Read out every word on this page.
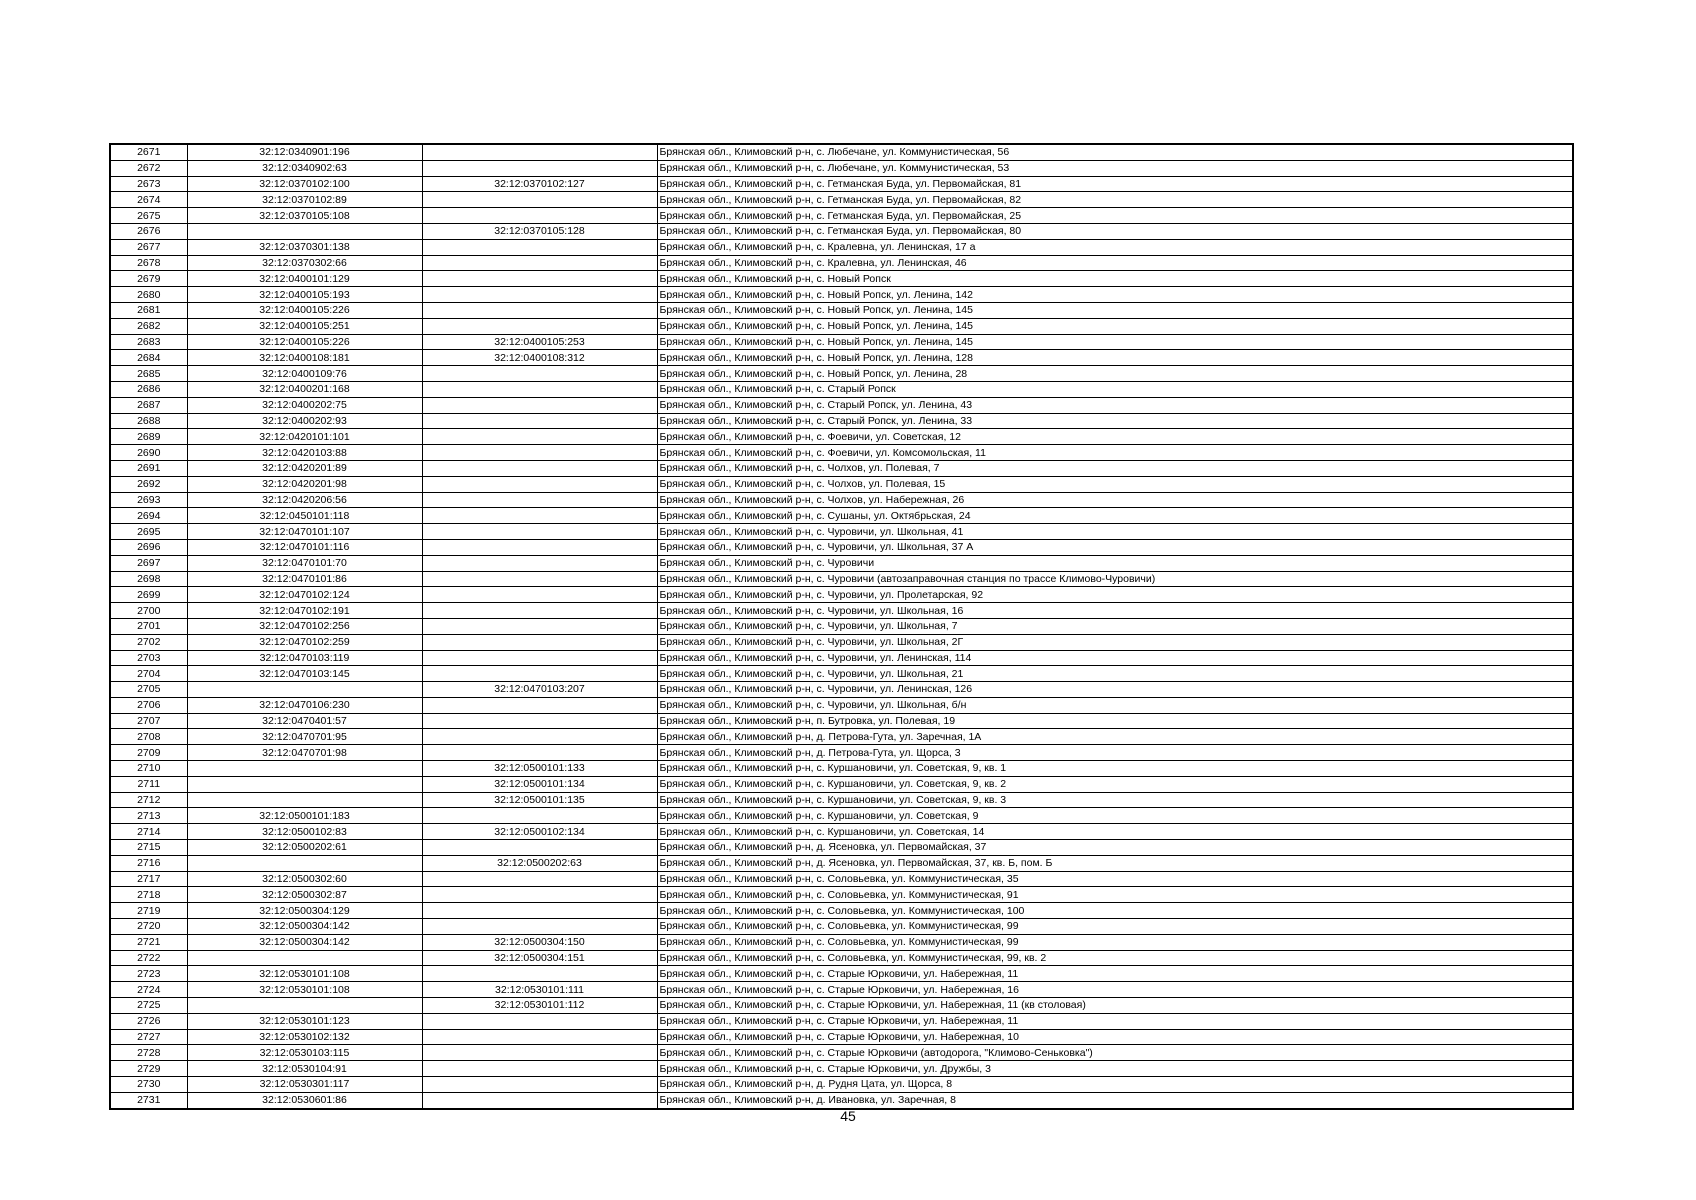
2671	32:12:0340901:196		Брянская обл., Климовский р-н, с. Любечане, ул. Коммунистическая, 56
2672	32:12:0340902:63		Брянская обл., Климовский р-н, с. Любечане, ул. Коммунистическая, 53
2673	32:12:0370102:100	32:12:0370102:127	Брянская обл., Климовский р-н, с. Гетманская Буда, ул. Первомайская, 81
2674	32:12:0370102:89		Брянская обл., Климовский р-н, с. Гетманская Буда, ул. Первомайская, 82
2675	32:12:0370105:108		Брянская обл., Климовский р-н, с. Гетманская Буда, ул. Первомайская, 25
2676		32:12:0370105:128	Брянская обл., Климовский р-н, с. Гетманская Буда, ул. Первомайская, 80
2677	32:12:0370301:138		Брянская обл., Климовский р-н, с. Кралевна, ул. Ленинская, 17 а
2678	32:12:0370302:66		Брянская обл., Климовский р-н, с. Кралевна, ул. Ленинская, 46
2679	32:12:0400101:129		Брянская обл., Климовский р-н, с. Новый Ропск
2680	32:12:0400105:193		Брянская обл., Климовский р-н, с. Новый Ропск, ул. Ленина, 142
2681	32:12:0400105:226		Брянская обл., Климовский р-н, с. Новый Ропск, ул. Ленина, 145
2682	32:12:0400105:251		Брянская обл., Климовский р-н, с. Новый Ропск, ул. Ленина, 145
2683	32:12:0400105:226	32:12:0400105:253	Брянская обл., Климовский р-н, с. Новый Ропск, ул. Ленина, 145
2684	32:12:0400108:181	32:12:0400108:312	Брянская обл., Климовский р-н, с. Новый Ропск, ул. Ленина, 128
2685	32:12:0400109:76		Брянская обл., Климовский р-н, с. Новый Ропск, ул. Ленина, 28
2686	32:12:0400201:168		Брянская обл., Климовский р-н, с. Старый Ропск
2687	32:12:0400202:75		Брянская обл., Климовский р-н, с. Старый Ропск, ул. Ленина, 43
2688	32:12:0400202:93		Брянская обл., Климовский р-н, с. Старый Ропск, ул. Ленина, 33
2689	32:12:0420101:101		Брянская обл., Климовский р-н, с. Фоевичи, ул. Советская, 12
2690	32:12:0420103:88		Брянская обл., Климовский р-н, с. Фоевичи, ул. Комсомольская, 11
2691	32:12:0420201:89		Брянская обл., Климовский р-н, с. Чолхов, ул. Полевая, 7
2692	32:12:0420201:98		Брянская обл., Климовский р-н, с. Чолхов, ул. Полевая, 15
2693	32:12:0420206:56		Брянская обл., Климовский р-н, с. Чолхов, ул. Набережная, 26
2694	32:12:0450101:118		Брянская обл., Климовский р-н, с. Сушаны, ул. Октябрьская, 24
2695	32:12:0470101:107		Брянская обл., Климовский р-н, с. Чуровичи, ул. Школьная, 41
2696	32:12:0470101:116		Брянская обл., Климовский р-н, с. Чуровичи, ул. Школьная, 37 А
2697	32:12:0470101:70		Брянская обл., Климовский р-н, с. Чуровичи
2698	32:12:0470101:86		Брянская обл., Климовский р-н, с. Чуровичи (автозаправочная станция по трассе Климово-Чуровичи)
2699	32:12:0470102:124		Брянская обл., Климовский р-н, с. Чуровичи, ул. Пролетарская, 92
2700	32:12:0470102:191		Брянская обл., Климовский р-н, с. Чуровичи, ул. Школьная, 16
2701	32:12:0470102:256		Брянская обл., Климовский р-н, с. Чуровичи, ул. Школьная, 7
2702	32:12:0470102:259		Брянская обл., Климовский р-н, с. Чуровичи, ул. Школьная, 2Г
2703	32:12:0470103:119		Брянская обл., Климовский р-н, с. Чуровичи, ул. Ленинская, 114
2704	32:12:0470103:145		Брянская обл., Климовский р-н, с. Чуровичи, ул. Школьная, 21
2705		32:12:0470103:207	Брянская обл., Климовский р-н, с. Чуровичи, ул. Ленинская, 126
2706	32:12:0470106:230		Брянская обл., Климовский р-н, с. Чуровичи, ул. Школьная, б/н
2707	32:12:0470401:57		Брянская обл., Климовский р-н, п. Бутровка, ул. Полевая, 19
2708	32:12:0470701:95		Брянская обл., Климовский р-н, д. Петрова-Гута, ул. Заречная, 1А
2709	32:12:0470701:98		Брянская обл., Климовский р-н, д. Петрова-Гута, ул. Щорса, 3
2710		32:12:0500101:133	Брянская обл., Климовский р-н, с. Куршановичи, ул. Советская, 9, кв. 1
2711		32:12:0500101:134	Брянская обл., Климовский р-н, с. Куршановичи, ул. Советская, 9, кв. 2
2712		32:12:0500101:135	Брянская обл., Климовский р-н, с. Куршановичи, ул. Советская, 9, кв. 3
2713	32:12:0500101:183		Брянская обл., Климовский р-н, с. Куршановичи, ул. Советская, 9
2714	32:12:0500102:83	32:12:0500102:134	Брянская обл., Климовский р-н, с. Куршановичи, ул. Советская, 14
2715	32:12:0500202:61		Брянская обл., Климовский р-н, д. Ясеновка, ул. Первомайская, 37
2716		32:12:0500202:63	Брянская обл., Климовский р-н, д. Ясеновка, ул. Первомайская, 37, кв. Б, пом. Б
2717	32:12:0500302:60		Брянская обл., Климовский р-н, с. Соловьевка, ул. Коммунистическая, 35
2718	32:12:0500302:87		Брянская обл., Климовский р-н, с. Соловьевка, ул. Коммунистическая, 91
2719	32:12:0500304:129		Брянская обл., Климовский р-н, с. Соловьевка, ул. Коммунистическая, 100
2720	32:12:0500304:142		Брянская обл., Климовский р-н, с. Соловьевка, ул. Коммунистическая, 99
2721	32:12:0500304:142	32:12:0500304:150	Брянская обл., Климовский р-н, с. Соловьевка, ул. Коммунистическая, 99
2722		32:12:0500304:151	Брянская обл., Климовский р-н, с. Соловьевка, ул. Коммунистическая, 99, кв. 2
2723	32:12:0530101:108		Брянская обл., Климовский р-н, с. Старые Юрковичи, ул. Набережная, 11
2724	32:12:0530101:108	32:12:0530101:111	Брянская обл., Климовский р-н, с. Старые Юрковичи, ул. Набережная, 16
2725		32:12:0530101:112	Брянская обл., Климовский р-н, с. Старые Юрковичи, ул. Набережная, 11 (кв столовая)
2726	32:12:0530101:123		Брянская обл., Климовский р-н, с. Старые Юрковичи, ул. Набережная, 11
2727	32:12:0530102:132		Брянская обл., Климовский р-н, с. Старые Юрковичи, ул. Набережная, 10
2728	32:12:0530103:115		Брянская обл., Климовский р-н, с. Старые Юрковичи (автодорога, "Климово-Сеньковка")
2729	32:12:0530104:91		Брянская обл., Климовский р-н, с. Старые Юрковичи, ул. Дружбы, 3
2730	32:12:0530301:117		Брянская обл., Климовский р-н, д. Рудня Цата, ул. Щорса, 8
2731	32:12:0530601:86		Брянская обл., Климовский р-н, д. Ивановка, ул. Заречная, 8
45
